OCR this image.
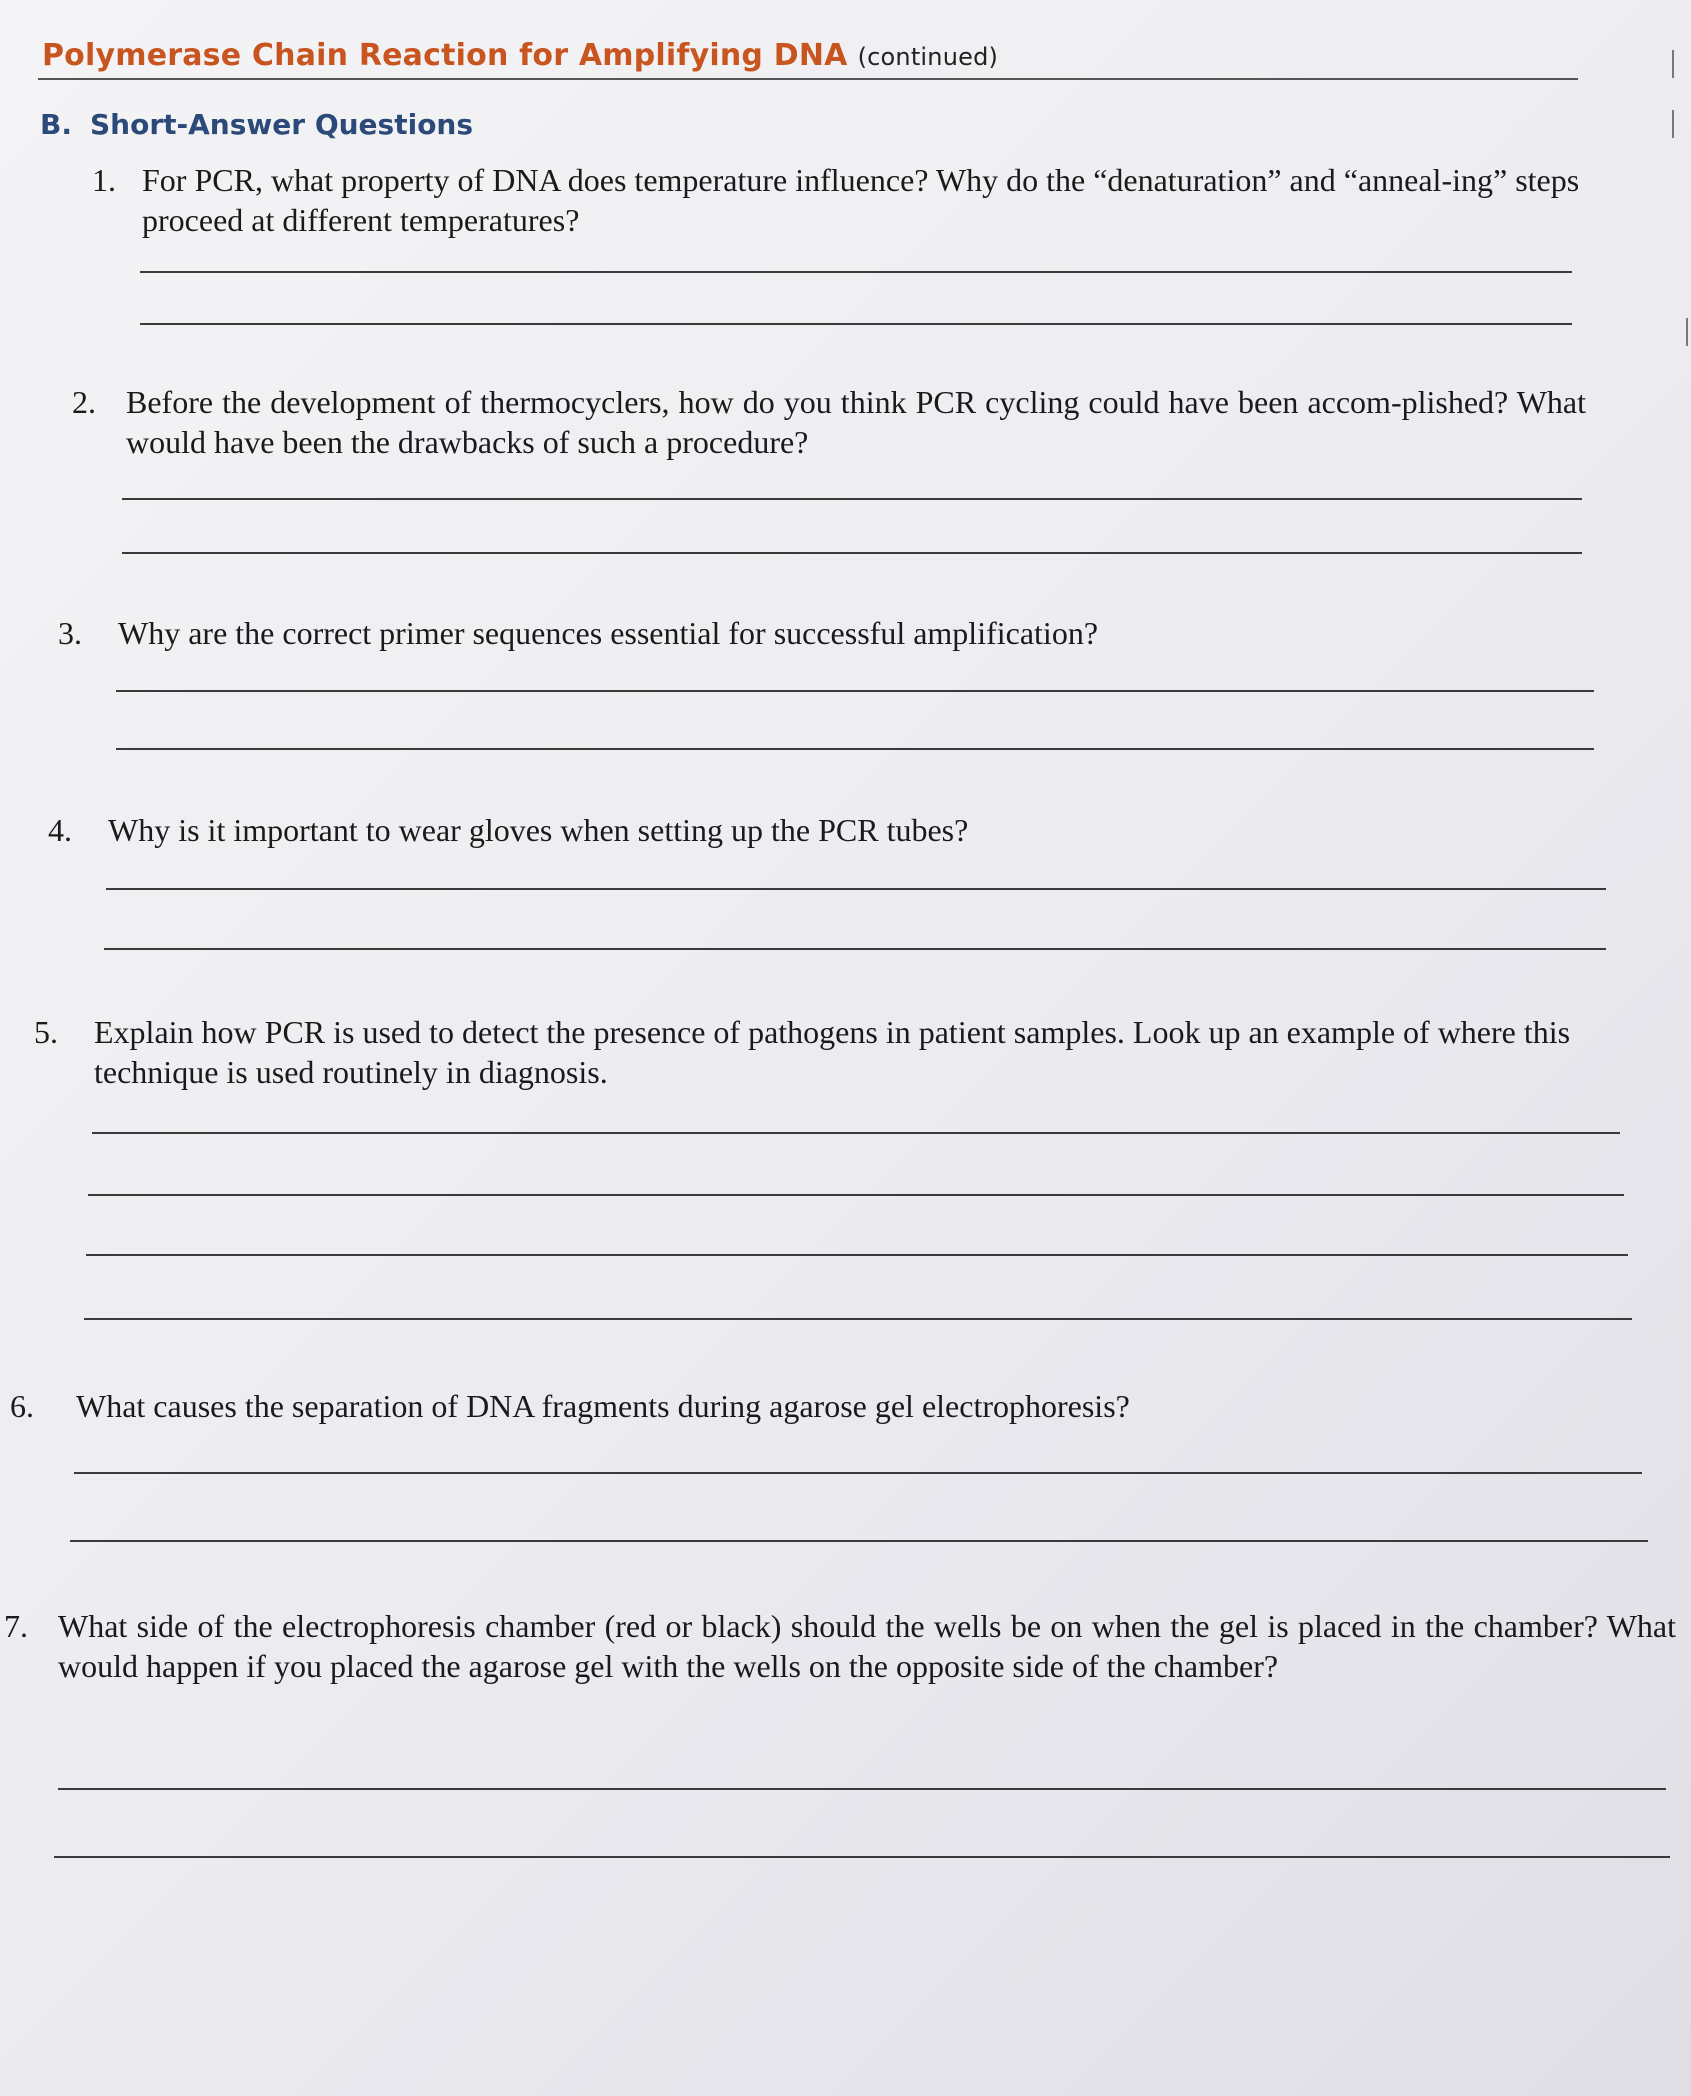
Polymerase Chain Reaction for Amplifying DNA (continued)
B. Short-Answer Questions
1. For PCR, what property of DNA does temperature influence? Why do the “denaturation” and “anneal-ing” steps proceed at different temperatures?
2. Before the development of thermocyclers, how do you think PCR cycling could have been accom-plished? What would have been the drawbacks of such a procedure?
3. Why are the correct primer sequences essential for successful amplification?
4. Why is it important to wear gloves when setting up the PCR tubes?
5. Explain how PCR is used to detect the presence of pathogens in patient samples. Look up an example of where this technique is used routinely in diagnosis.
6. What causes the separation of DNA fragments during agarose gel electrophoresis?
7. What side of the electrophoresis chamber (red or black) should the wells be on when the gel is placed in the chamber? What would happen if you placed the agarose gel with the wells on the opposite side of the chamber?
